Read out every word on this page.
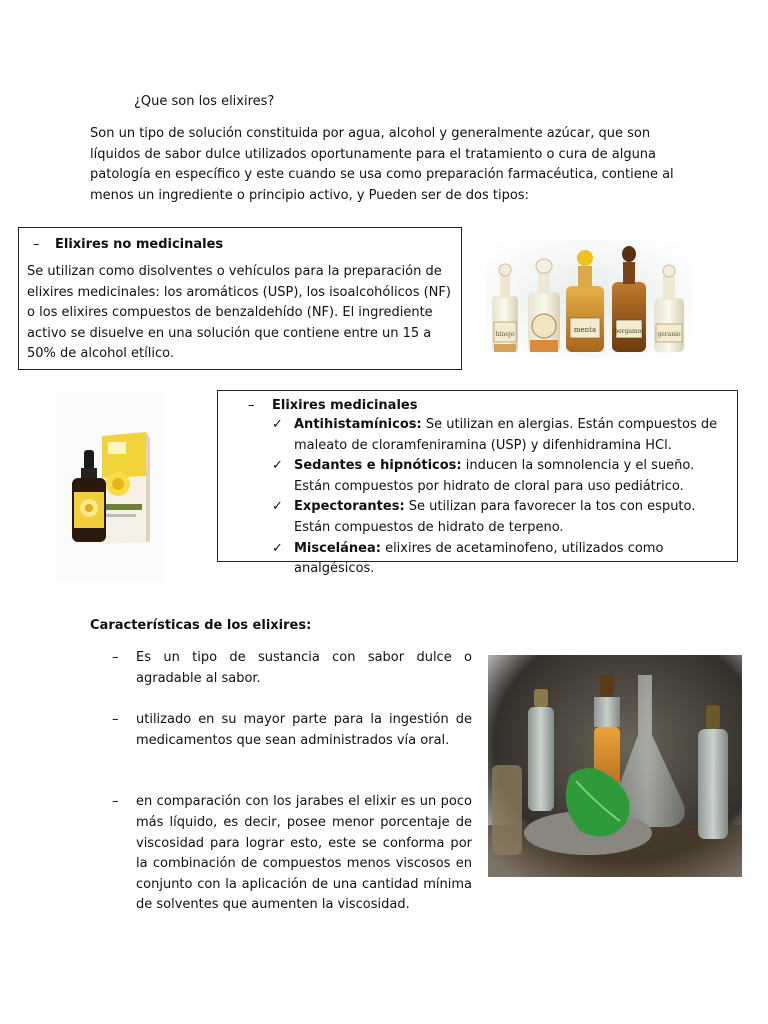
¿Que son los elixires?

Son un tipo de solución constituida por agua, alcohol y generalmente azúcar, que son líquidos de sabor dulce utilizados oportunamente para el tratamiento o cura de alguna patología en específico y este cuando se usa como preparación farmacéutica, contiene al menos un ingrediente o principio activo, y Pueden ser de dos tipos:

–	Elixires no medicinales

Se utilizan como disolventes o vehículos para la preparación de elixires medicinales: los aromáticos (USP), los isoalcohólicos (NF) o los elixires compuestos de benzaldehído (NF). El ingrediente activo se disuelve en una solución que contiene entre un 15 a 50% de alcohol etílico.

hinojo
menta	bergamot geranio
–	Elixires medicinales
✓ Antihistamínicos: Se utilizan en alergias. Están compuestos de maleato de cloramfeniramina (USP) y difenhidramina HCl.
✓ Sedantes e hipnóticos: inducen la somnolencia y el sueño. Están compuestos por hidrato de cloral para uso pediátrico.
✓ Expectorantes: Se utilizan para favorecer la tos con esputo. Están compuestos de hidrato de terpeno.
✓ Miscelánea: elixires de acetaminofeno, utilizados como analgésicos.
Características de los elixires:
– Es un tipo de sustancia con sabor dulce o agradable al sabor.
– utilizado en su mayor parte para la ingestión de medicamentos que sean administrados vía oral.
– en comparación con los jarabes el elixir es un poco más líquido, es decir, posee menor porcentaje de viscosidad para lograr esto, este se conforma por la combinación de compuestos menos viscosos en conjunto con la aplicación de una cantidad mínima de solventes que aumenten la viscosidad.
